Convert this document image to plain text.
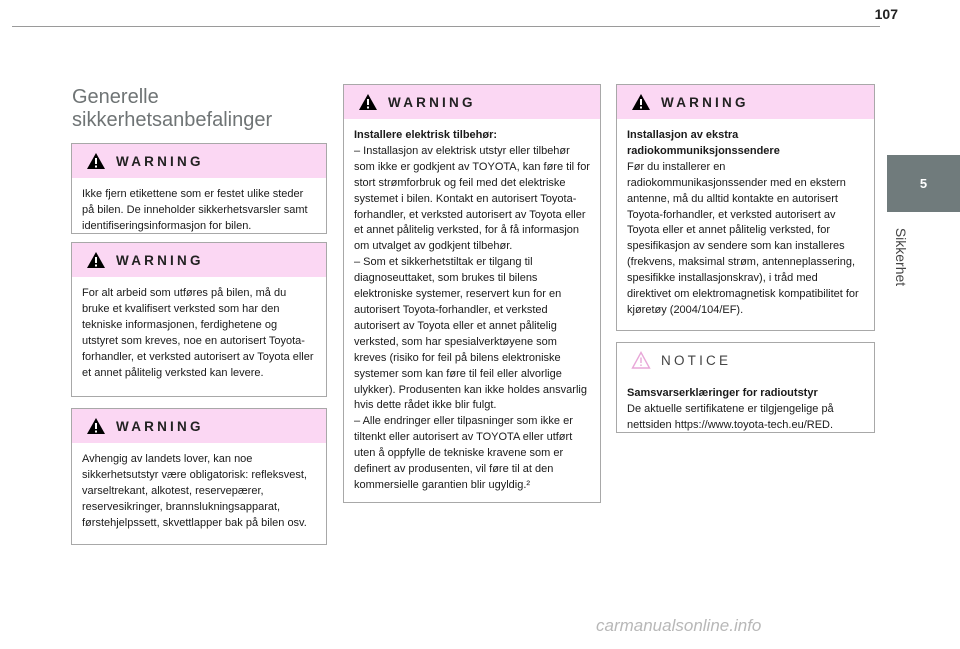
107
5
Sikkerhet
Generelle sikkerhetsanbefalinger
WARNING

Ikke fjern etikettene som er festet ulike steder på bilen. De inneholder sikkerhetsvarsler samt identifiseringsinformasjon for bilen.

WARNING

For alt arbeid som utføres på bilen, må du bruke et kvalifisert verksted som har den tekniske informasjonen, ferdighetene og utstyret som kreves, noe en autorisert Toyota-forhandler, et verksted autorisert av Toyota eller et annet pålitelig verksted kan levere.

WARNING

Avhengig av landets lover, kan noe sikkerhetsutstyr være obligatorisk: refleksvest, varseltrekant, alkotest, reservepærer, reservesikringer, brannslukningsapparat, førstehjelpssett, skvettlapper bak på bilen osv.

WARNING

Installere elektrisk tilbehør:

– Installasjon av elektrisk utstyr eller tilbehør som ikke er godkjent av TOYOTA, kan føre til for stort strømforbruk og feil med det elektriske systemet i bilen. Kontakt en autorisert Toyota-forhandler, et verksted autorisert av Toyota eller et annet pålitelig verksted, for å få informasjon om utvalget av godkjent tilbehør.

– Som et sikkerhetstiltak er tilgang til diagnoseuttaket, som brukes til bilens elektroniske systemer, reservert kun for en autorisert Toyota-forhandler, et verksted autorisert av Toyota eller et annet pålitelig verksted, som har spesialverktøyene som kreves (risiko for feil på bilens elektroniske systemer som kan føre til feil eller alvorlige ulykker). Produsenten kan ikke holdes ansvarlig hvis dette rådet ikke blir fulgt.

– Alle endringer eller tilpasninger som ikke er tiltenkt eller autorisert av TOYOTA eller utført uten å oppfylle de tekniske kravene som er definert av produsenten, vil føre til at den kommersielle garantien blir ugyldig.²

WARNING

Installasjon av ekstra radiokommuniksjonssendere

Før du installerer en radiokommunikasjonssender med en ekstern antenne, må du alltid kontakte en autorisert Toyota-forhandler, et verksted autorisert av Toyota eller et annet pålitelig verksted, for spesifikasjon av sendere som kan installeres (frekvens, maksimal strøm, antenneplassering, spesifikke installasjonskrav), i tråd med direktivet om elektromagnetisk kompatibilitet for kjøretøy (2004/104/EF).

NOTICE

Samsvarserklæringer for radioutstyr

De aktuelle sertifikatene er tilgjengelige på nettsiden https://www.toyota-tech.eu/RED.

carmanualsonline.info
